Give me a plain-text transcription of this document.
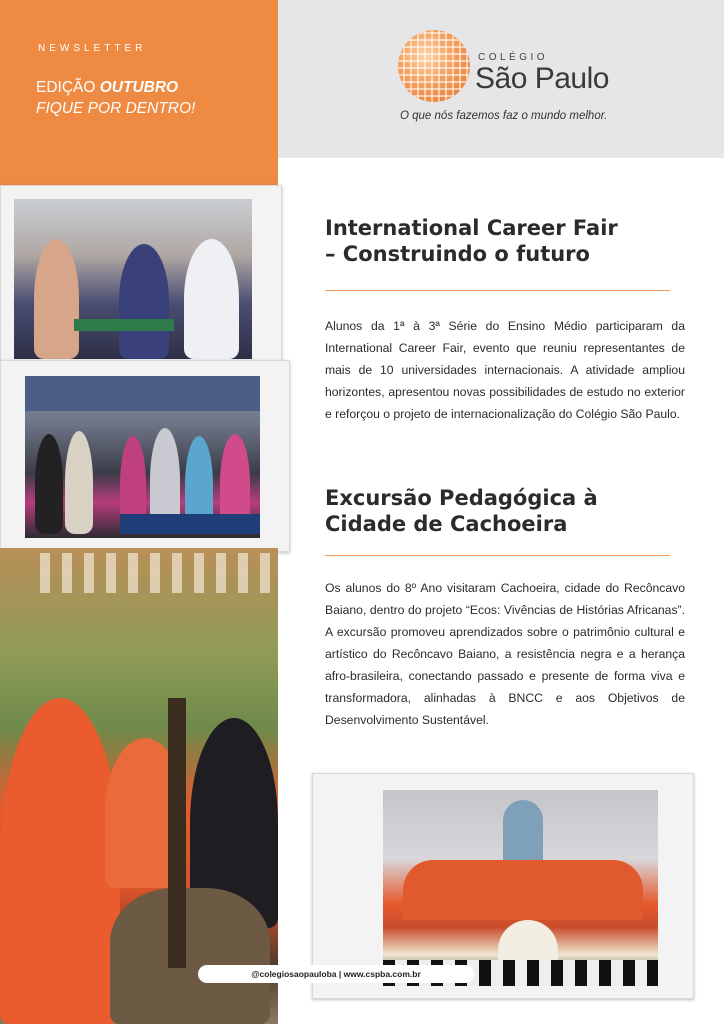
NEWSLETTER
EDIÇÃO OUTUBRO
FIQUE POR DENTRO!
COLÉGIO
São Paulo
O que nós fazemos faz o mundo melhor.
@colegiosaopauloba | www.cspba.com.br
International Career Fair
– Construindo o futuro
Alunos da 1ª à 3ª Série do Ensino Médio participaram da International Career Fair, evento que reuniu representantes de mais de 10 universidades internacionais. A atividade ampliou horizontes, apresentou novas possibilidades de estudo no exterior e reforçou o projeto de internacionalização do Colégio São Paulo.
Excursão Pedagógica à
Cidade de Cachoeira
Os alunos do 8º Ano visitaram Cachoeira, cidade do Recôncavo Baiano, dentro do projeto “Ecos: Vivências de Histórias Africanas”. A excursão promoveu aprendizados sobre o patrimônio cultural e artístico do Recôncavo Baiano, a resistência negra e a herança afro-brasileira, conectando passado e presente de forma viva e transformadora, alinhadas à BNCC e aos Objetivos de Desenvolvimento Sustentável.
